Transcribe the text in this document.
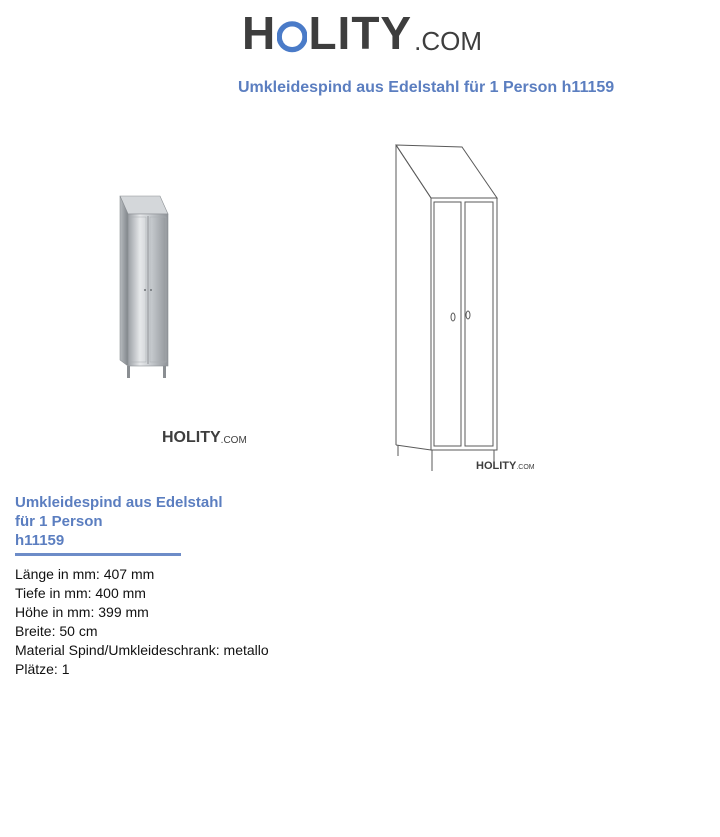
H LITY .COM
Umkleidespind aus Edelstahl für 1 Person h11159
HOLITY .COM
HOLITY .COM
Umkleidespind aus Edelstahl
für 1 Person
h11159
Länge in mm: 407 mm
Tiefe in mm: 400 mm
Höhe in mm: 399 mm
Breite: 50 cm
Material Spind/Umkleideschrank: metallo
Plätze: 1
